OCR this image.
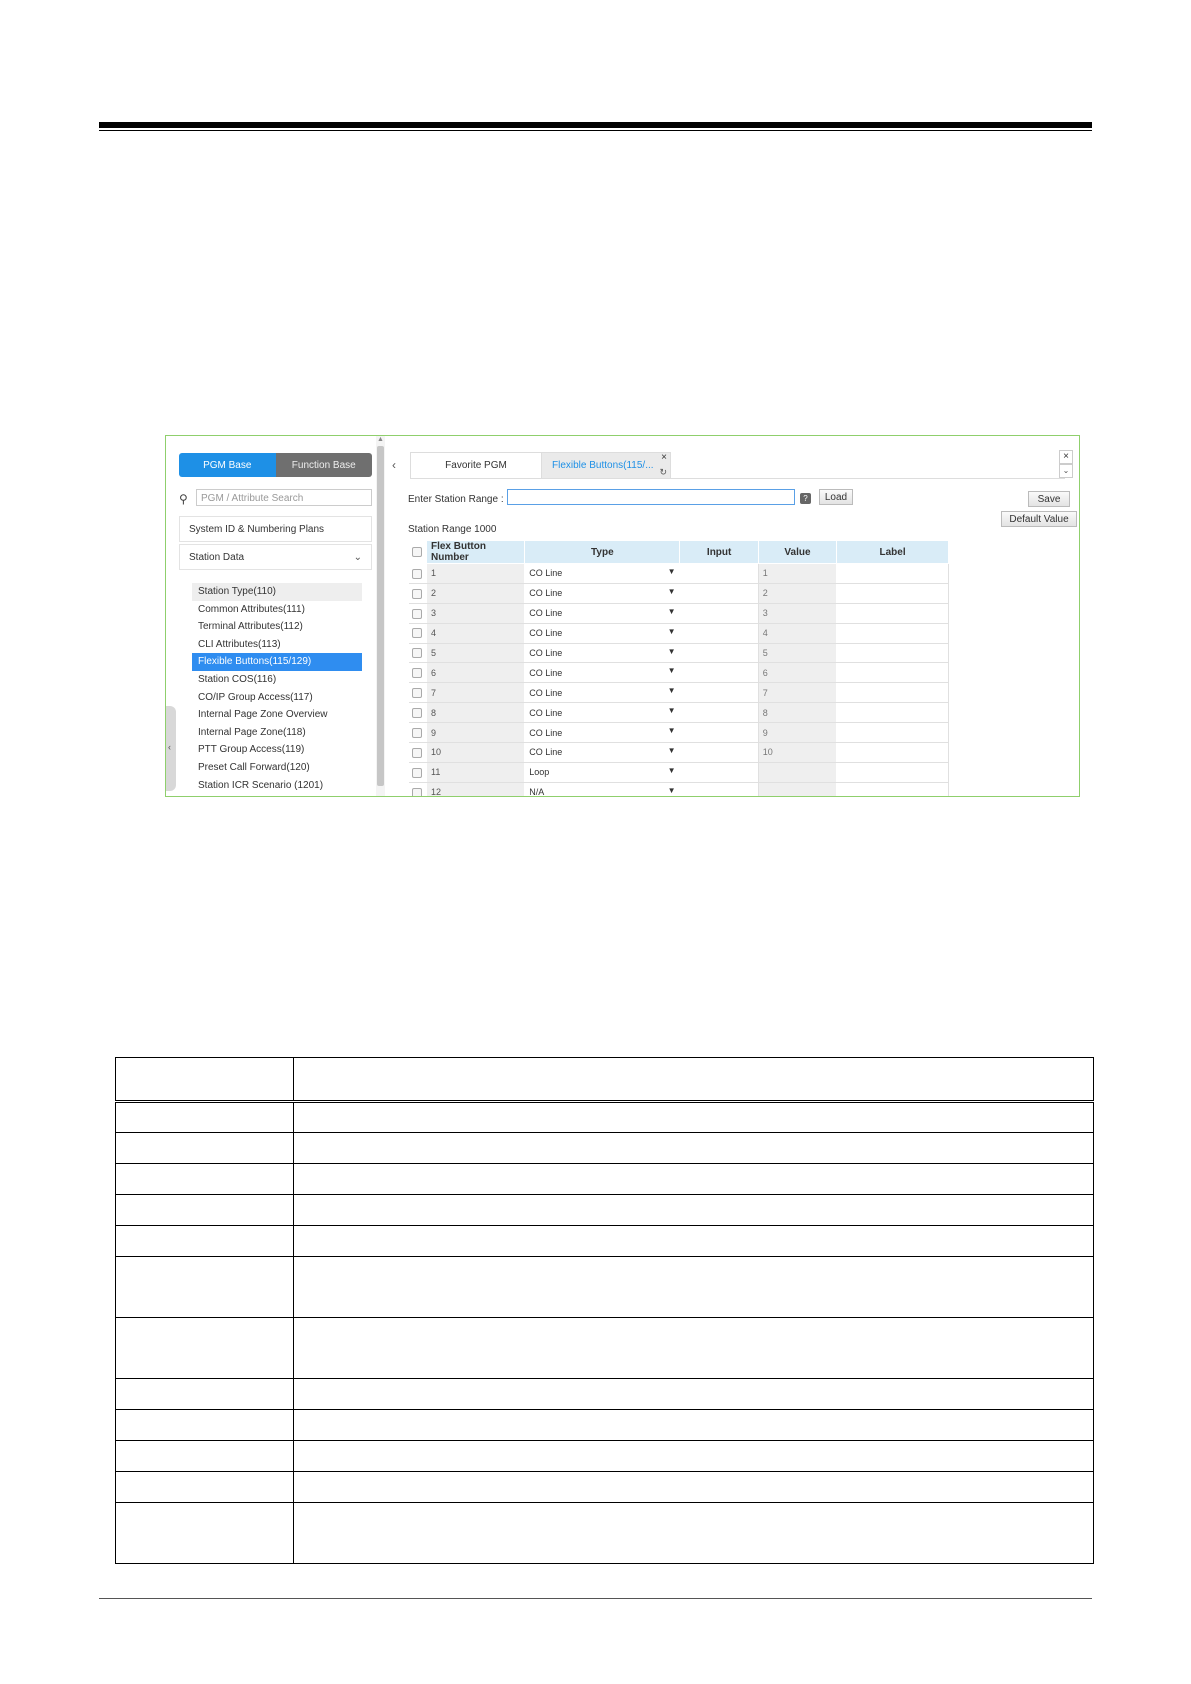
PGM Base	Function Base
⚲	PGM / Attribute Search
System ID & Numbering Plans
Station Data	⌄
Station Type(110)
Common Attributes(111)
Terminal Attributes(112)
CLI Attributes(113)
Flexible Buttons(115/129)
Station COS(116)
CO/IP Group Access(117)
Internal Page Zone Overview
Internal Page Zone(118)
PTT Group Access(119)
Preset Call Forward(120)
Station ICR Scenario (1201)
‹
▲
‹	Favorite PGM	Flexible Buttons(115/...
×
↻
×
⌄
Enter Station Range :	?	Load	Save
Default Value
Station Range 1000
	Flex Button Number	Type	Input	Value	Label
	1	CO Line ▼		1	
	2	CO Line ▼		2	
	3	CO Line ▼		3	
	4	CO Line ▼		4	
	5	CO Line ▼		5	
	6	CO Line ▼		6	
	7	CO Line ▼		7	
	8	CO Line ▼		8	
	9	CO Line ▼		9	
	10	CO Line ▼		10	
	11	Loop ▼			

	12	N/A ▼			
